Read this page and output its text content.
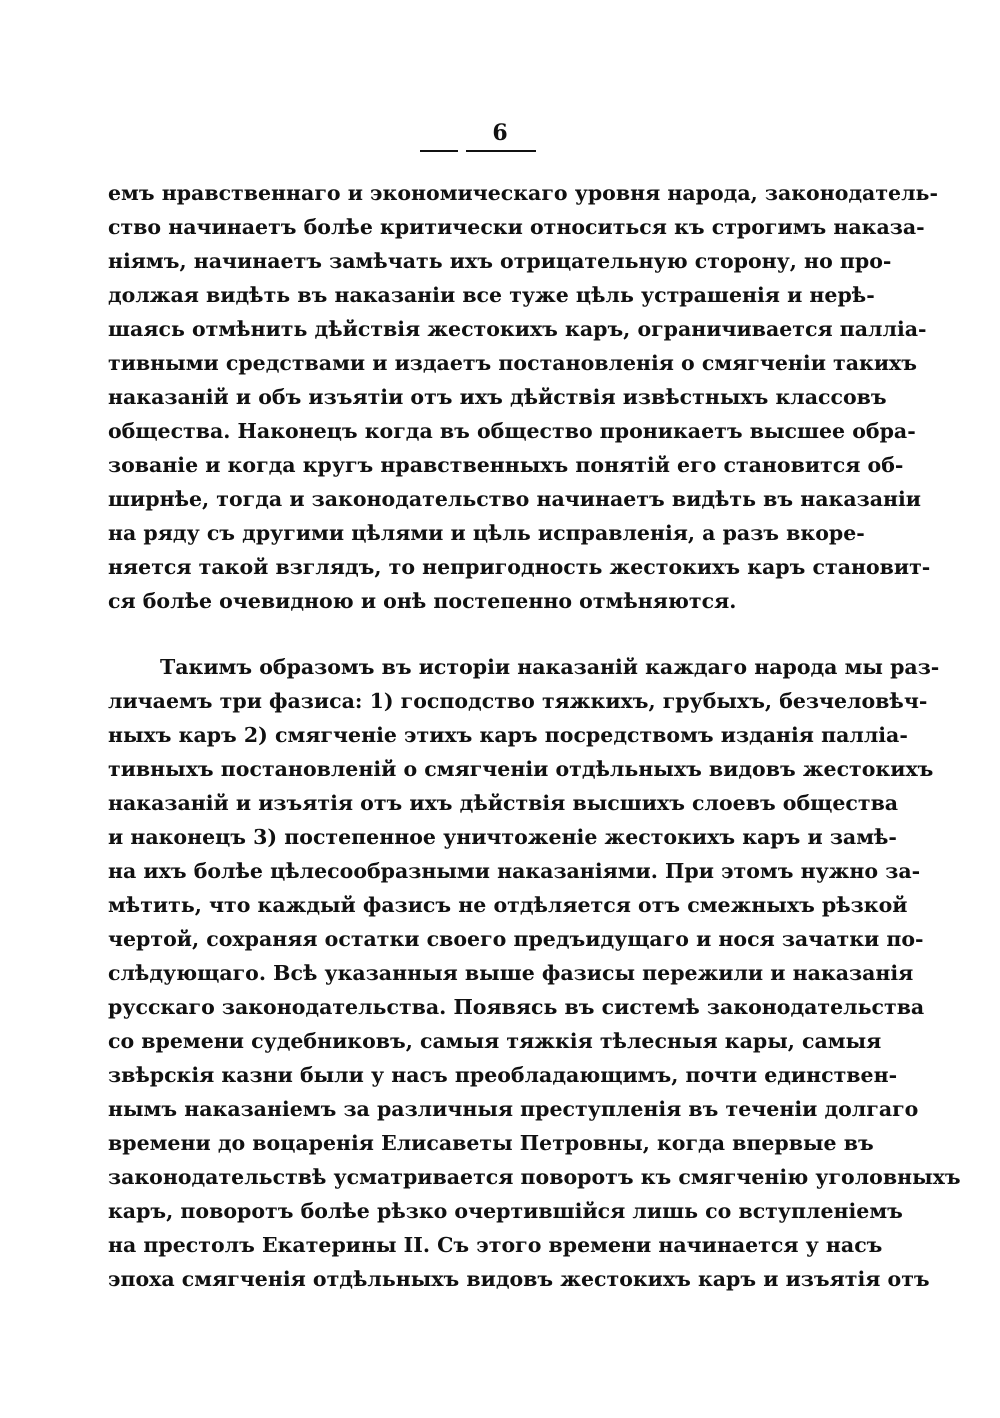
6
емъ нравственнаго и экономическаго уровня народа, законодатель-
ство начинаетъ болѣе критически относиться къ строгимъ наказа-
ніямъ, начинаетъ замѣчать ихъ отрицательную сторону, но про-
должая видѣть въ наказаніи все туже цѣль устрашенія и нерѣ-
шаясь отмѣнить дѣйствія жестокихъ каръ, ограничивается палліа-
тивными средствами и издаетъ постановленія о смягченіи такихъ
наказаній и объ изъятіи отъ ихъ дѣйствія извѣстныхъ классовъ
общества. Наконецъ когда въ общество проникаетъ высшее обра-
зованіе и когда кругъ нравственныхъ понятій его становится об-
ширнѣе, тогда и законодательство начинаетъ видѣть въ наказаніи
на ряду съ другими цѣлями и цѣль исправленія, а разъ вкоре-
няется такой взглядъ, то непригодность жестокихъ каръ становит-
ся болѣе очевидною и онѣ постепенно отмѣняются.
Такимъ образомъ въ исторіи наказаній каждаго народа мы раз-
личаемъ три фазиса: 1) господство тяжкихъ, грубыхъ, безчеловѣч-
ныхъ каръ 2) смягченіе этихъ каръ посредствомъ изданія палліа-
тивныхъ постановленій о смягченіи отдѣльныхъ видовъ жестокихъ
наказаній и изъятія отъ ихъ дѣйствія высшихъ слоевъ общества
и наконецъ 3) постепенное уничтоженіе жестокихъ каръ и замѣ-
на ихъ болѣе цѣлесообразными наказаніями. При этомъ нужно за-
мѣтить, что каждый фазисъ не отдѣляется отъ смежныхъ рѣзкой
чертой, сохраняя остатки своего предъидущаго и нося зачатки по-
слѣдующаго. Всѣ указанныя выше фазисы пережили и наказанія
русскаго законодательства. Появясь въ системѣ законодательства
со времени судебниковъ, самыя тяжкія тѣлесныя кары, самыя
звѣрскія казни были у насъ преобладающимъ, почти единствен-
нымъ наказаніемъ за различныя преступленія въ теченіи долгаго
времени до воцаренія Елисаветы Петровны, когда впервые въ
законодательствѣ усматривается поворотъ къ смягченію уголовныхъ
каръ, поворотъ болѣе рѣзко очертившійся лишь со вступленіемъ
на престолъ Екатерины II. Съ этого времени начинается у насъ
эпоха смягченія отдѣльныхъ видовъ жестокихъ каръ и изъятія отъ
